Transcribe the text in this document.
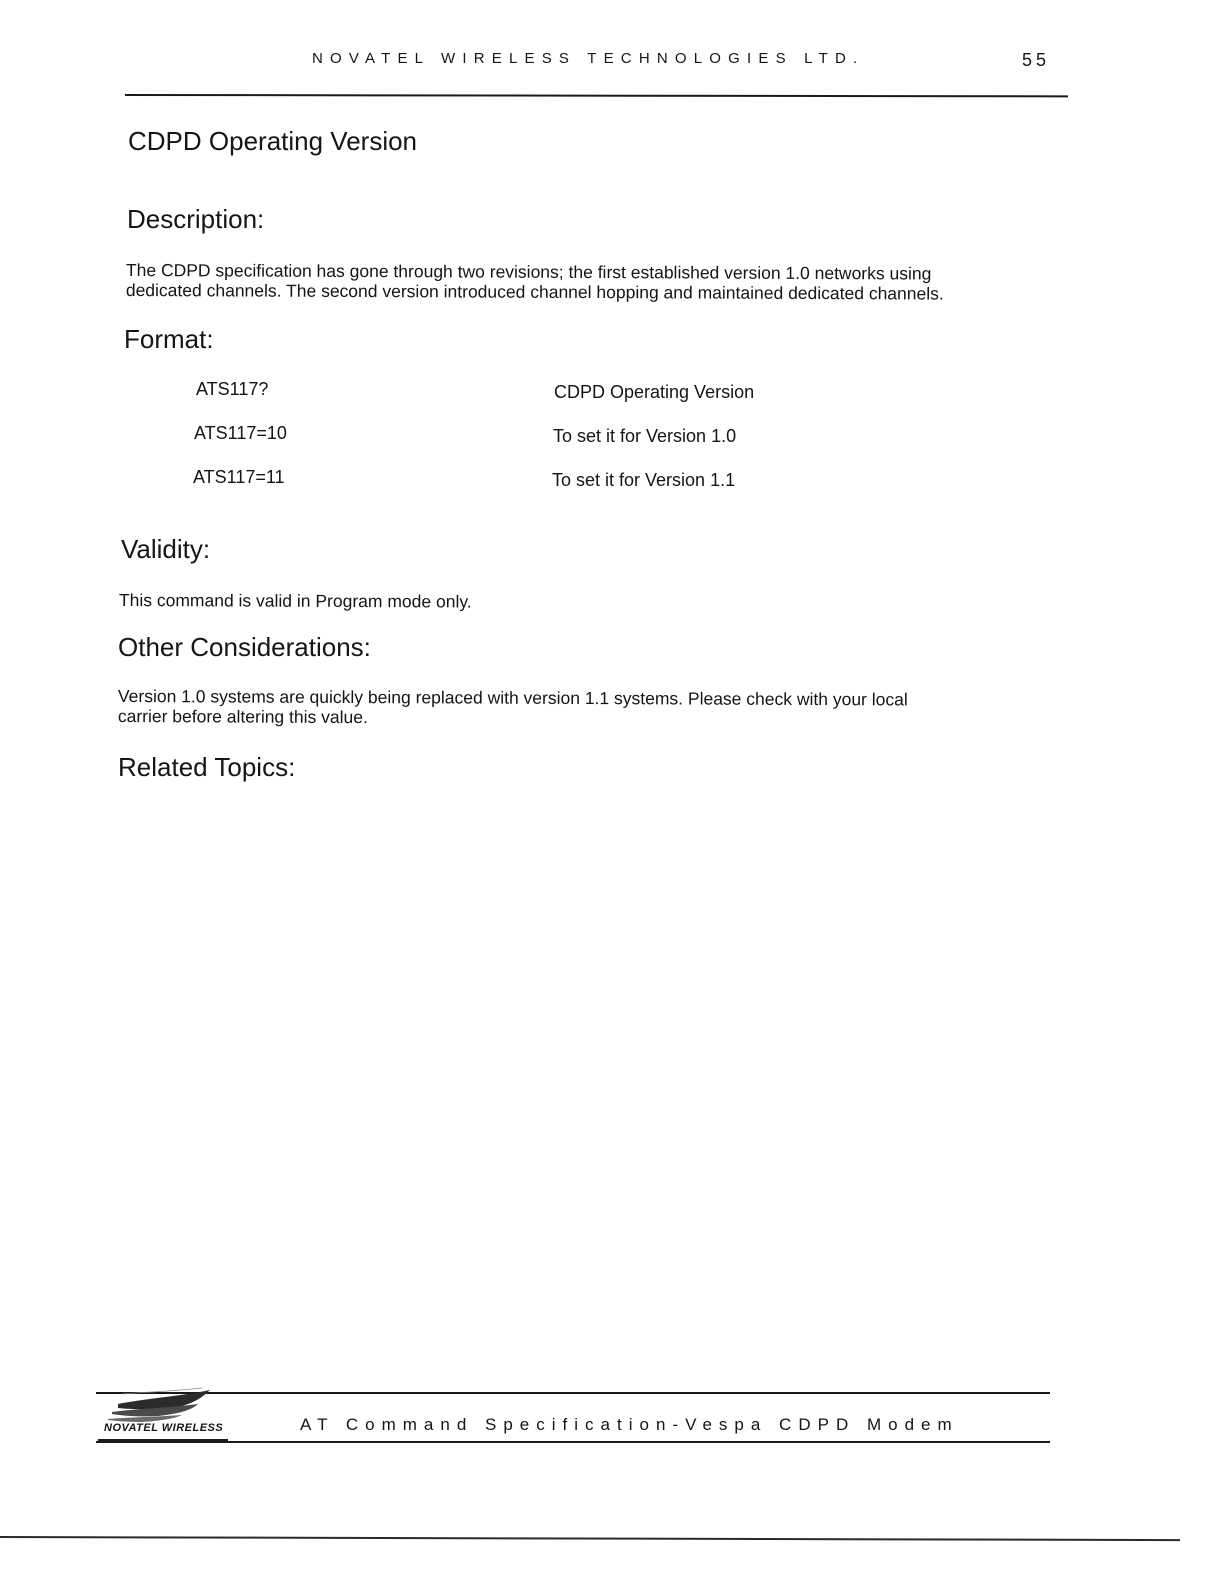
NOVATEL WIRELESS TECHNOLOGIES LTD.	55
CDPD Operating Version
Description:
The CDPD specification has gone through two revisions; the first established version 1.0 networks using
dedicated channels. The second version introduced channel hopping and maintained dedicated channels.
Format:
ATS117?	CDPD Operating Version
ATS117=10	To set it for Version 1.0
ATS117=11	To set it for Version 1.1
Validity:
This command is valid in Program mode only.
Other Considerations:
Version 1.0 systems are quickly being replaced with version 1.1 systems. Please check with your local
carrier before altering this value.
Related Topics:
NOVATEL WIRELESS	AT Command Specification-Vespa CDPD Modem
